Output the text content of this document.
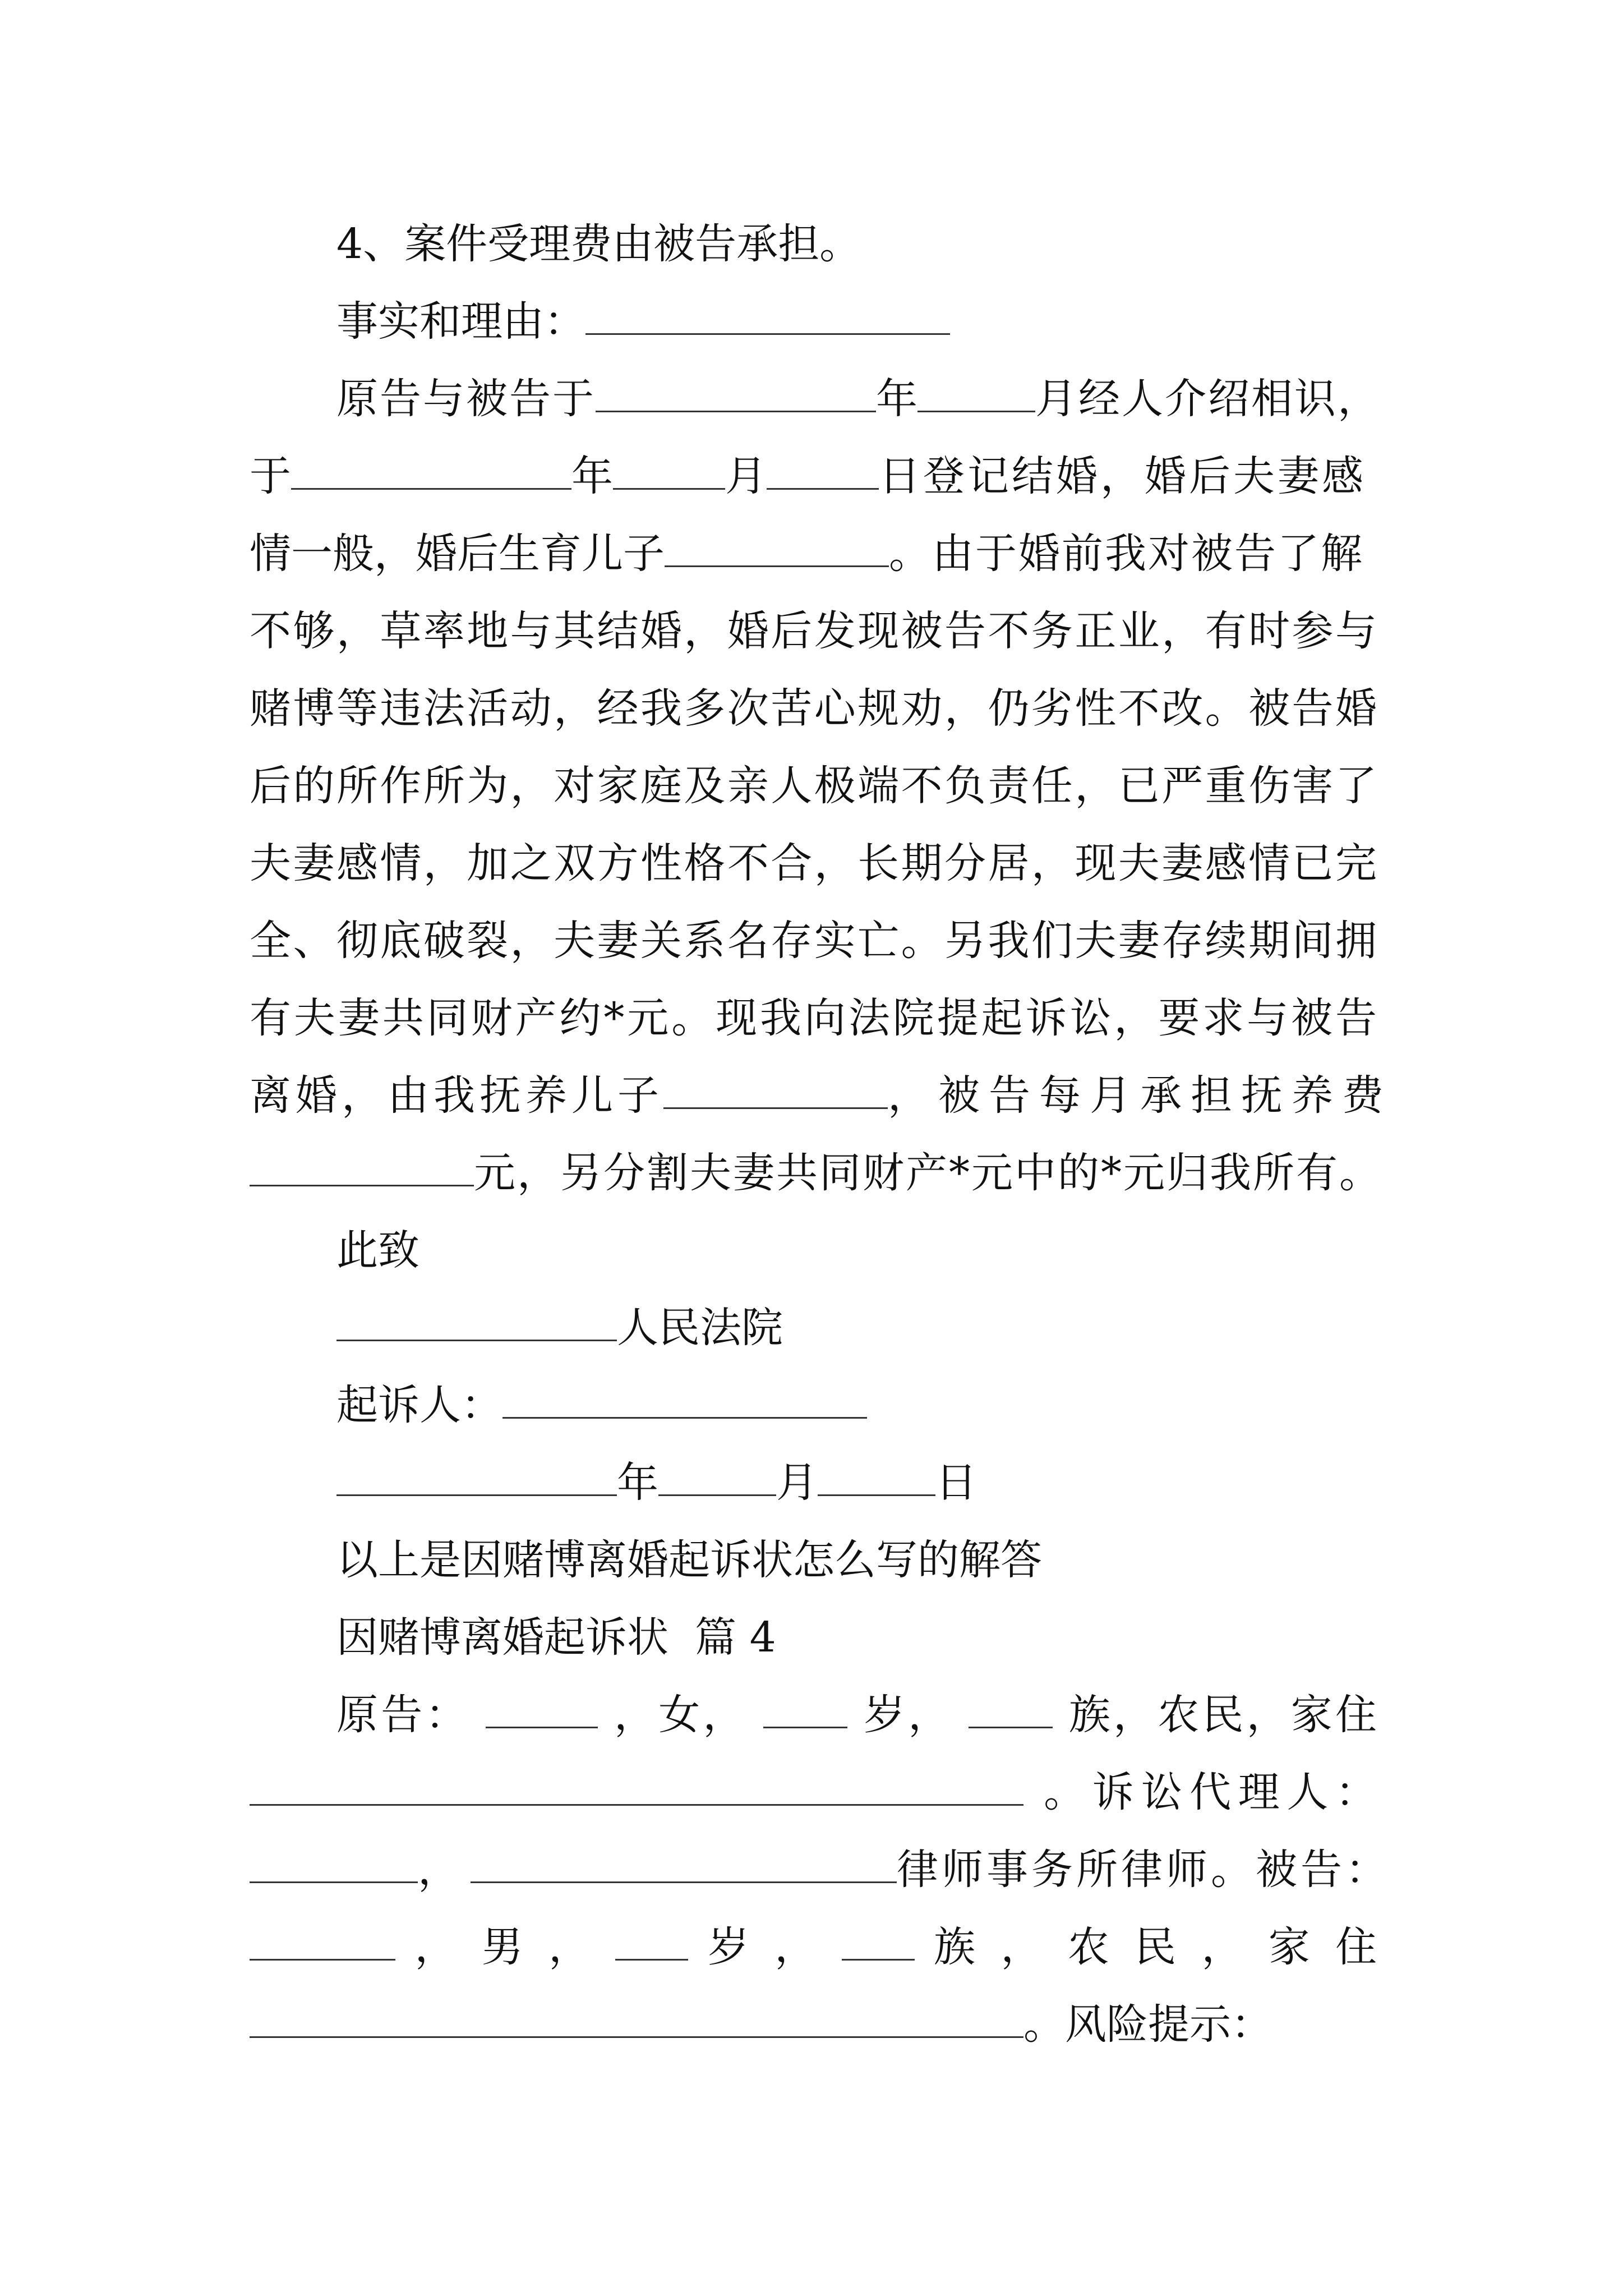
4、案件受理费由被告承担。
事实和理由：
原告与被告于	年	月经人介绍相识，
于	年	月	日登记结婚，婚后夫妻感
情一般，婚后生育儿子	。由于婚前我对被告了解
不够，草率地与其结婚，婚后发现被告不务正业，有时参与
赌博等违法活动，经我多次苦心规劝，仍劣性不改。被告婚
后的所作所为，对家庭及亲人极端不负责任，已严重伤害了
夫妻感情，加之双方性格不合，长期分居，现夫妻感情已完
全、彻底破裂，夫妻关系名存实亡。另我们夫妻存续期间拥
有夫妻共同财产约*元。现我向法院提起诉讼，要求与被告
离婚，由我抚养儿子	，被告每月承担抚养费
元，另分割夫妻共同财产*元中的*元归我所有。
此致
人民法院
起诉人：
年	月	日
以上是因赌博离婚起诉状怎么写的解答
因赌博离婚起诉状  篇 4
原告：	，女，	岁，	族，农民，家住
。诉讼代理人：
，	律师事务所律师。被告：
， 男 ，	岁 ，	族 ， 农 民 ， 家 住
。风险提示：
